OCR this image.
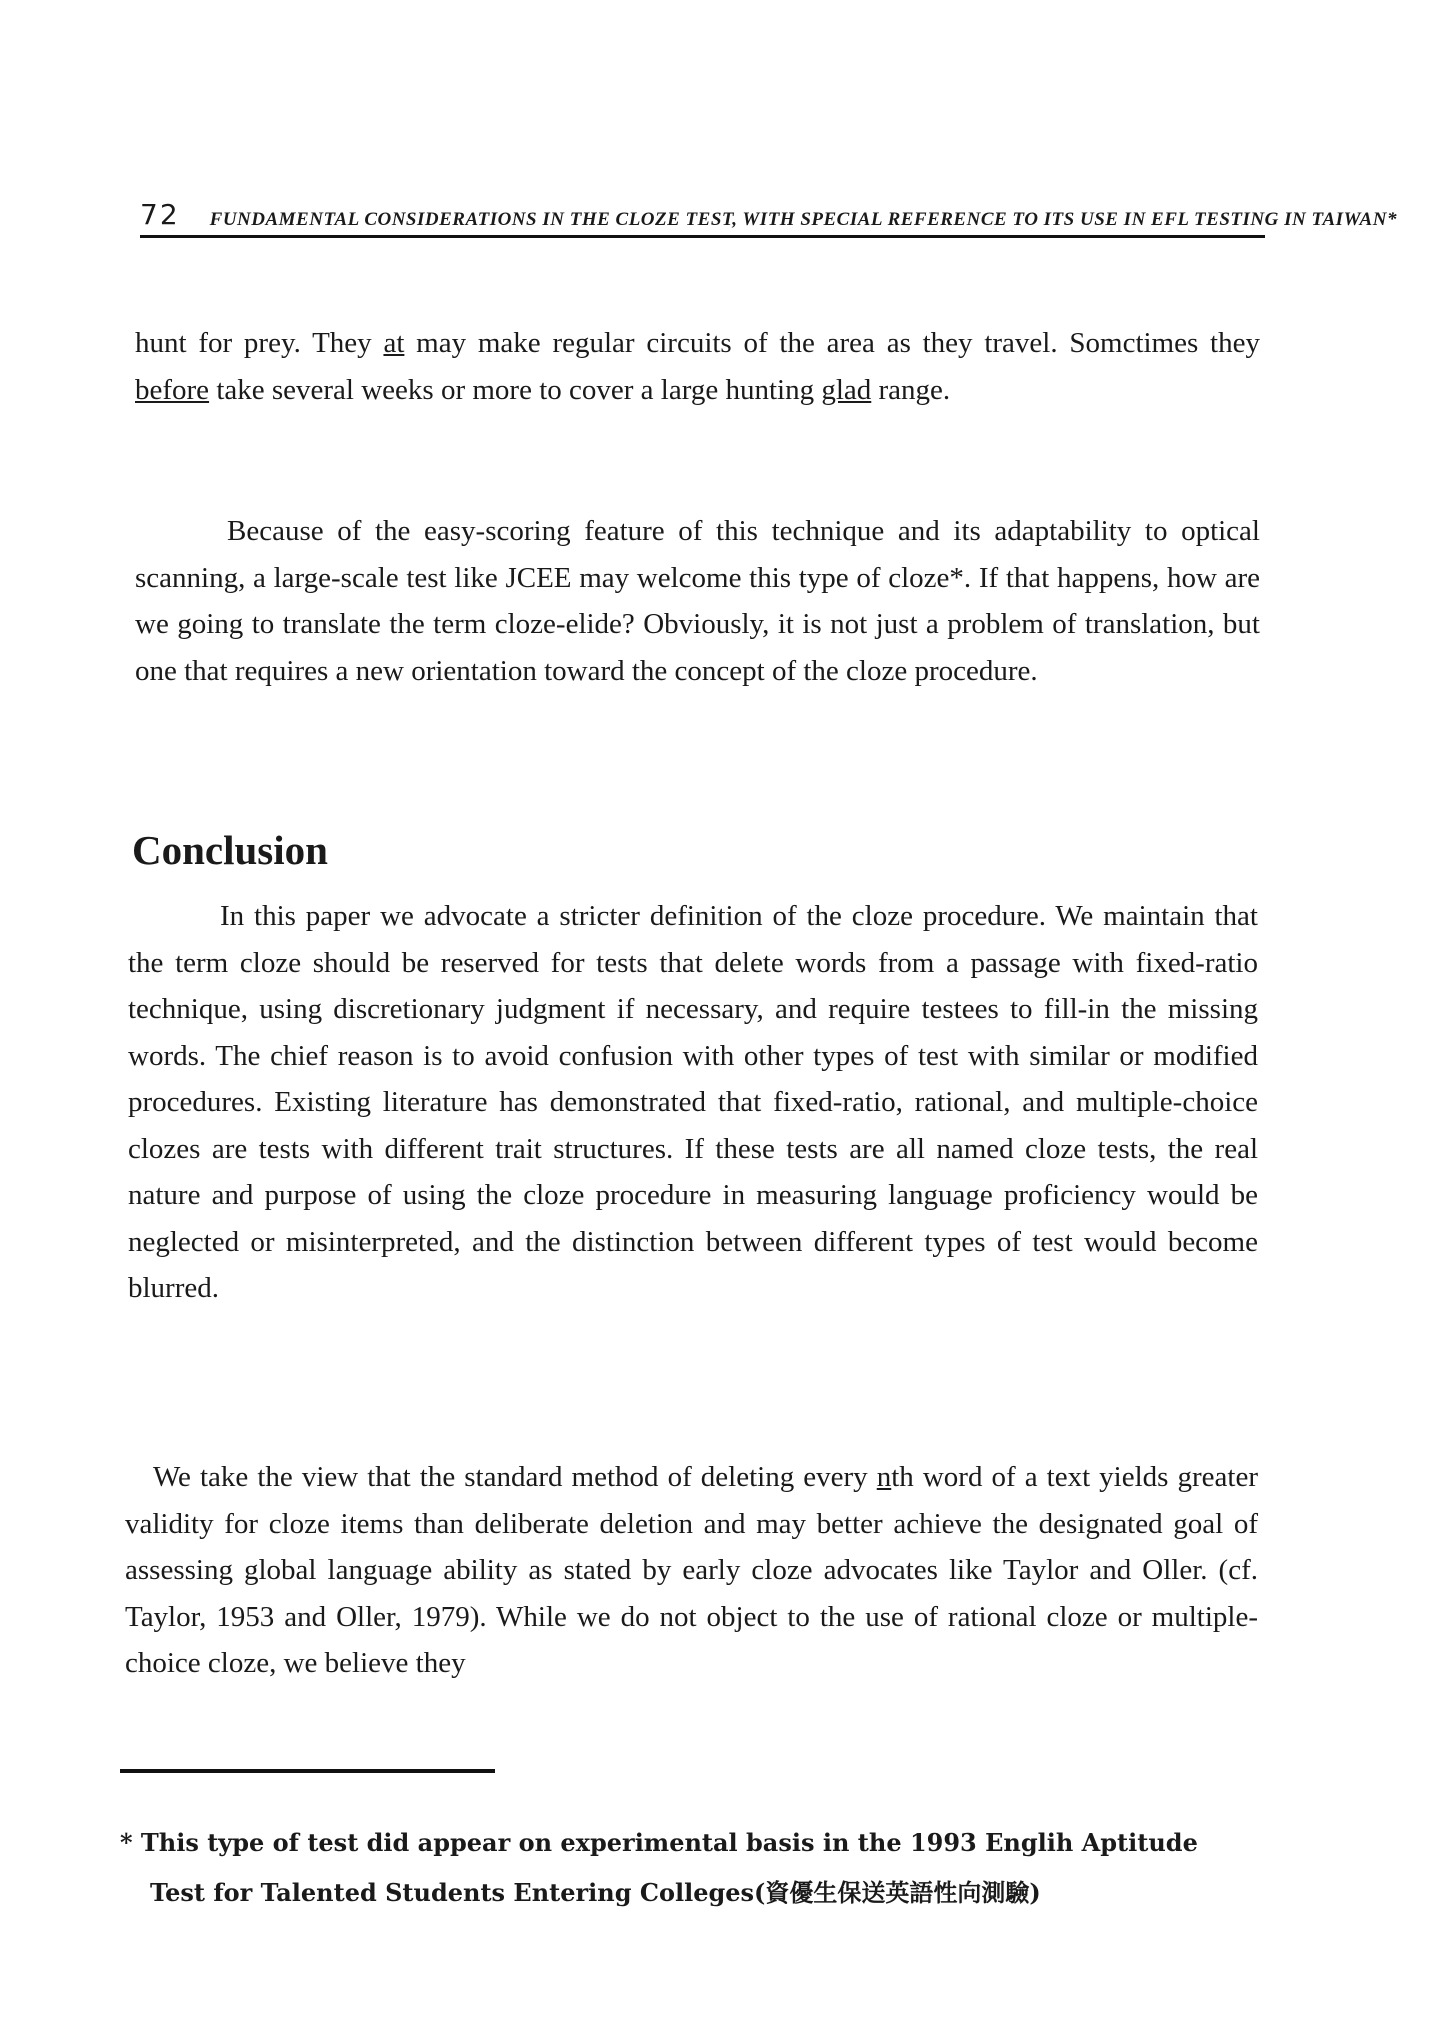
72 FUNDAMENTAL CONSIDERATIONS IN THE CLOZE TEST, WITH SPECIAL REFERENCE TO ITS USE IN EFL TESTING IN TAIWAN*

hunt for prey. They at may make regular circuits of the area as they travel. Somctimes they before take several weeks or more to cover a large hunting glad range.

Because of the easy-scoring feature of this technique and its adaptability to optical scanning, a large-scale test like JCEE may welcome this type of cloze*. If that happens, how are we going to translate the term cloze-elide? Obviously, it is not just a problem of translation, but one that requires a new orientation toward the concept of the cloze procedure.

Conclusion

In this paper we advocate a stricter definition of the cloze procedure. We maintain that the term cloze should be reserved for tests that delete words from a passage with fixed-ratio technique, using discretionary judgment if necessary, and require testees to fill-in the missing words. The chief reason is to avoid confusion with other types of test with similar or modified procedures. Existing literature has demonstrated that fixed-ratio, rational, and multiple-choice clozes are tests with different trait structures. If these tests are all named cloze tests, the real nature and purpose of using the cloze procedure in measuring language proficiency would be neglected or misinterpreted, and the distinction between different types of test would become blurred.

We take the view that the standard method of deleting every nth word of a text yields greater validity for cloze items than deliberate deletion and may better achieve the designated goal of assessing global language ability as stated by early cloze advocates like Taylor and Oller. (cf. Taylor, 1953 and Oller, 1979). While we do not object to the use of rational cloze or multiple-choice cloze, we believe they

* This type of test did appear on experimental basis in the 1993 Englih Aptitude
Test for Talented Students Entering Colleges(資優生保送英語性向測驗)
